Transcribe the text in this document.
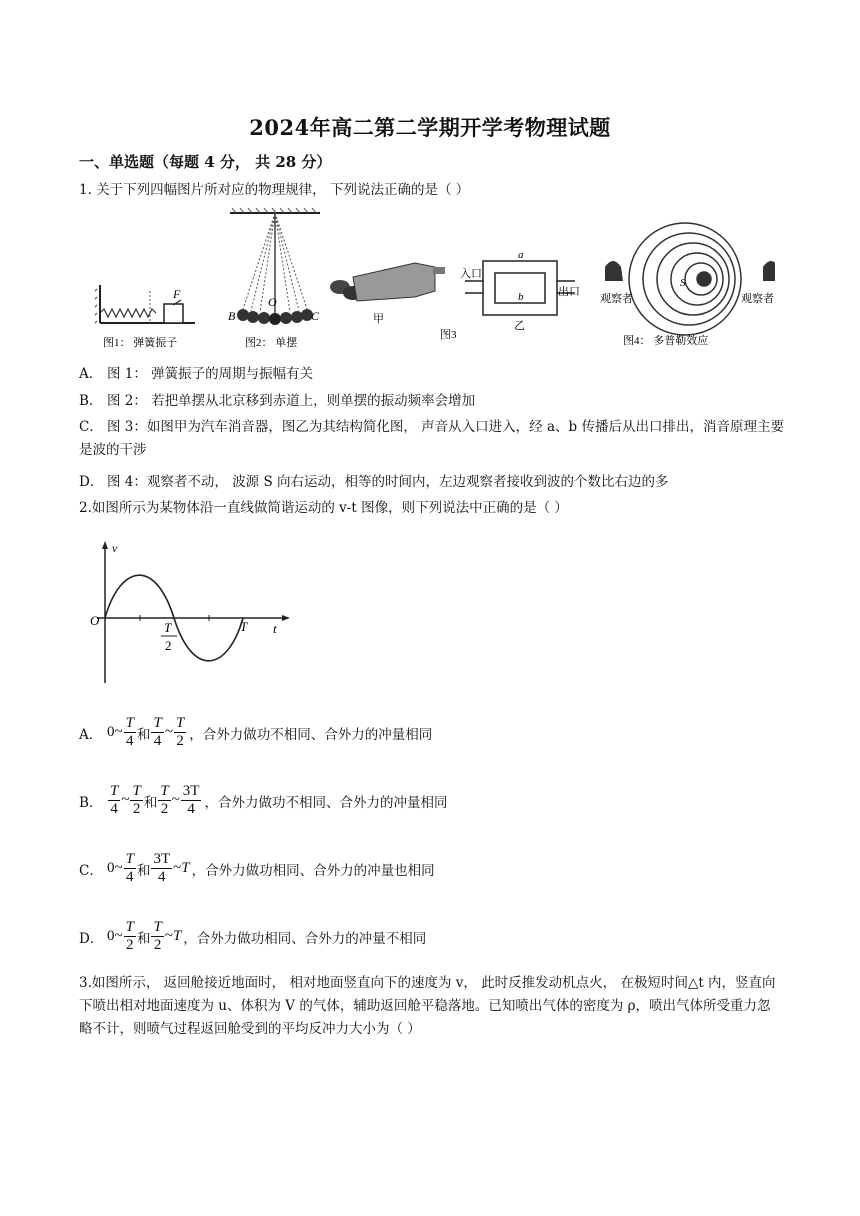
2024年高二第二学期开学考物理试题
一、单选题（每题 4 分， 共 28 分）
1. 关于下列四幅图片所对应的物理规律， 下列说法正确的是（ ）
F
图1： 弹簧振子
B
O
C
图2： 单摆
甲
图3
入口
出口
a
b
乙
S
观察者	观察者
图4： 多普勒效应
A． 图 1： 弹簧振子的周期与振幅有关
B． 图 2： 若把单摆从北京移到赤道上，则单摆的振动频率会增加
C． 图 3：如图甲为汽车消音器，图乙为其结构简化图， 声音从入口进入，经 a、b 传播后从出口排出，消音原理主要是波的干涉
D． 图 4：观察者不动， 波源 S 向右运动，相等的时间内，左边观察者接收到波的个数比右边的多
2.如图所示为某物体沿一直线做简谐运动的 v-t 图像，则下列说法中正确的是（ ）
v
t
O	T
T
2
A． 0 ~ $\frac{T}{4}$ 和 $\frac{T}{4}$ ~ $\frac{T}{2}$ ，合外力做功不相同、合外力的冲量相同
B． $\frac{T}{4}$ ~ $\frac{T}{2}$ 和 $\frac{T}{2}$ ~ $\frac{3T}{4}$ ，合外力做功不相同、合外力的冲量相同
C． 0 ~ $\frac{T}{4}$ 和 $\frac{3T}{4}$ ~ T ，合外力做功相同、合外力的冲量也相同
D． 0 ~ $\frac{T}{2}$ 和 $\frac{T}{2}$ ~ T ，合外力做功相同、合外力的冲量不相同
3.如图所示， 返回舱接近地面时， 相对地面竖直向下的速度为 v， 此时反推发动机点火， 在极短时间△t 内，竖直向下喷出相对地面速度为 u、体积为 V 的气体，辅助返回舱平稳落地。已知喷出气体的密度为 ρ，喷出气体所受重力忽略不计，则喷气过程返回舱受到的平均反冲力大小为（ ）
